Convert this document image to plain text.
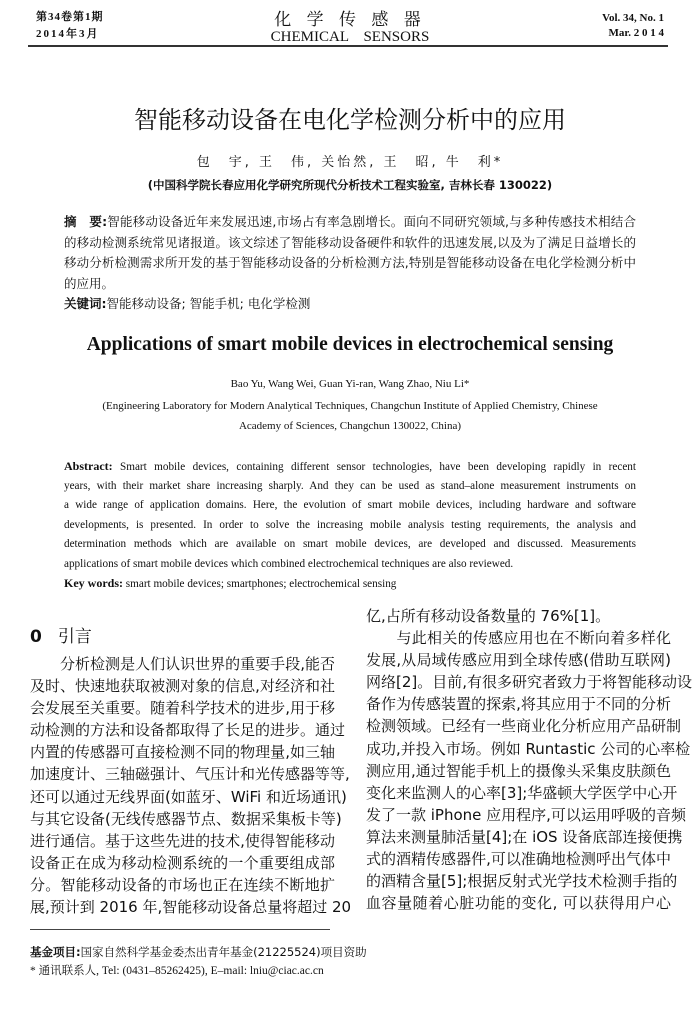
第34卷第1期
2014年3月
化 学 传 感 器
CHEMICAL　SENSORS
Vol. 34, No. 1
Mar. 2 0 1 4
智能移动设备在电化学检测分析中的应用
包　宇, 王　伟, 关怡然, 王　昭, 牛　利*
(中国科学院长春应用化学研究所现代分析技术工程实验室, 吉林长春 130022)
摘　要:智能移动设备近年来发展迅速,市场占有率急剧增长。面向不同研究领域,与多种传感技术相结合
的移动检测系统常见诸报道。该文综述了智能移动设备硬件和软件的迅速发展,以及为了满足日益增长的
移动分析检测需求所开发的基于智能移动设备的分析检测方法,特别是智能移动设备在电化学检测分析中
的应用。
关键词:智能移动设备; 智能手机; 电化学检测
Applications of smart mobile devices in electrochemical sensing
Bao Yu, Wang Wei, Guan Yi-ran, Wang Zhao, Niu Li*
(Engineering Laboratory for Modern Analytical Techniques, Changchun Institute of Applied Chemistry, Chinese
Academy of Sciences, Changchun 130022, China)
Abstract: Smart mobile devices, containing different sensor technologies, have been developing rapidly in recent
years, with their market share increasing sharply. And they can be used as stand–alone measurement instruments on
a wide range of application domains. Here, the evolution of smart mobile devices, including hardware and software
developments, is presented. In order to solve the increasing mobile analysis testing requirements, the analysis and
determination methods which are available on smart mobile devices, are developed and discussed. Measurements
applications of smart mobile devices which combined electrochemical techniques are also reviewed.
Key words: smart mobile devices; smartphones; electrochemical sensing
0 引言
　　分析检测是人们认识世界的重要手段,能否
及时、快速地获取被测对象的信息,对经济和社
会发展至关重要。随着科学技术的进步,用于移
动检测的方法和设备都取得了长足的进步。通过
内置的传感器可直接检测不同的物理量,如三轴
加速度计、三轴磁强计、气压计和光传感器等等,
还可以通过无线界面(如蓝牙、WiFi 和近场通讯)
与其它设备(无线传感器节点、数据采集板卡等)
进行通信。基于这些先进的技术,使得智能移动
设备正在成为移动检测系统的一个重要组成部
分。智能移动设备的市场也正在连续不断地扩
展,预计到 2016 年,智能移动设备总量将超过 20
亿,占所有移动设备数量的 76%[1]。
　　与此相关的传感应用也在不断向着多样化
发展,从局域传感应用到全球传感(借助互联网)
网络[2]。目前,有很多研究者致力于将智能移动设
备作为传感装置的探索,将其应用于不同的分析
检测领域。已经有一些商业化分析应用产品研制
成功,并投入市场。例如 Runtastic 公司的心率检
测应用,通过智能手机上的摄像头采集皮肤颜色
变化来监测人的心率[3];华盛顿大学医学中心开
发了一款 iPhone 应用程序,可以运用呼吸的音频
算法来测量肺活量[4];在 iOS 设备底部连接便携
式的酒精传感器件,可以准确地检测呼出气体中
的酒精含量[5];根据反射式光学技术检测手指的
血容量随着心脏功能的变化, 可以获得用户心
基金项目:国家自然科学基金委杰出青年基金(21225524)项目资助
* 通讯联系人, Tel: (0431–85262425), E–mail: lniu@ciac.ac.cn
